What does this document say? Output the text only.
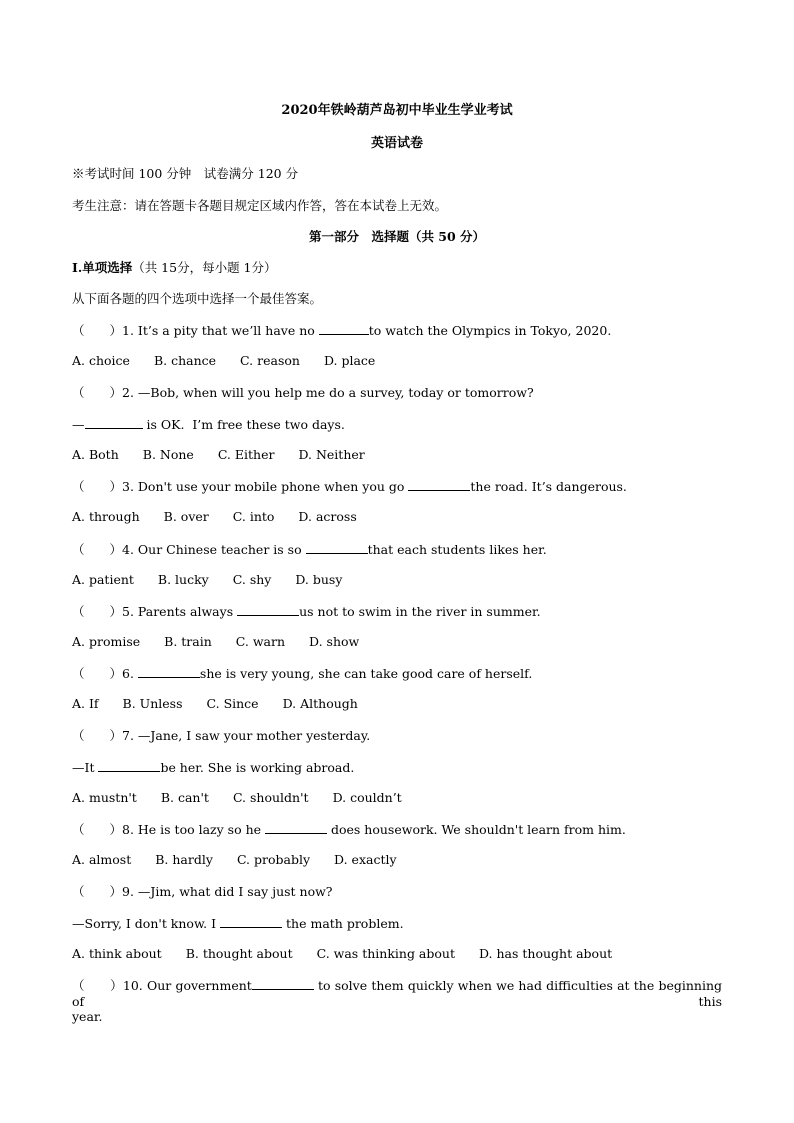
2020年铁岭葫芦岛初中毕业生学业考试
英语试卷
※考试时间 100 分钟　试卷满分 120 分
考生注意：请在答题卡各题目规定区域内作答，答在本试卷上无效。
第一部分　选择题（共 50 分）
I.单项选择（共 15分，每小题 1分）
从下面各题的四个选项中选择一个最佳答案。
（　　）1. It’s a pity that we’ll have no	to watch the Olympics in Tokyo, 2020.
A. choice B. chance C. reason D. place
（　　）2. —Bob, when will you help me do a survey, today or tomorrow?
—	is OK.  I’m free these two days.
A. Both B. None C. Either D. Neither
（　　）3. Don't use your mobile phone when you go	the road. It’s dangerous.
A. through B. over C. into D. across
（　　）4. Our Chinese teacher is so	that each students likes her.
A. patient B. lucky C. shy D. busy
（　　）5. Parents always	us not to swim in the river in summer.
A. promise B. train C. warn D. show
（　　）6.	she is very young, she can take good care of herself.
A. If B. Unless C. Since D. Although
（　　）7. —Jane, I saw your mother yesterday.
—It	be her. She is working abroad.
A. mustn't B. can't C. shouldn't D. couldn’t
（　　）8. He is too lazy so he	does housework. We shouldn't learn from him.
A. almost B. hardly C. probably D. exactly
（　　）9. —Jim, what did I say just now?
—Sorry, I don't know. I	the math problem.
A. think about B. thought about C. was thinking about D. has thought about
（　　）10. Our government	to solve them quickly when we had difficulties at the beginning of this
year.
